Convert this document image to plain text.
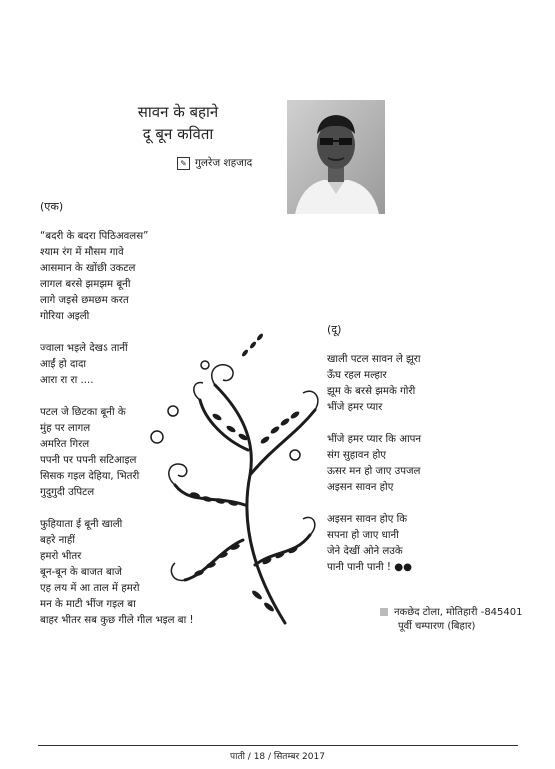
सावन के बहाने
दू बून कविता
✎ गुलरेज शहजाद
(एक)
“बदरी के बदरा पिठिअवलस”
श्याम रंग में मौसम गावे
आसमान के खोंछी उकटल
लागल बरसे झमझम बूनी
लागे जइसे छमछम करत
गोरिया अइली
ज्वाला भइले देखऽ तानीं
आईं हो दादा
आरा रा रा ....
पटल जे छिटका बूनी के
मुंह पर लागल
अमरित गिरल
पपनी पर पपनी सटिआइल
सिसक गइल देहिया, भितरी
गुदुगुदी उपिटल
फुहियाता ई बूनी खाली
बहरे नाहीं
हमरो भीतर
बून-बून के बाजत बाजे
एह लय में आ ताल में हमरो
मन के माटी भींज गइल बा
बाहर भीतर सब कुछ गीले गील भइल बा !
(दू)
खाली पटल सावन ले झूरा
ऊँघ रहल मल्हार
झूम के बरसे झमके गोरी
भींजे हमर प्यार
भींजे हमर प्यार कि आपन
संग सुहावन होए
ऊसर मन हो जाए उपजल
अइसन सावन होए
अइसन सावन होए कि
सपना हो जाए धानी
जेने देखीं ओने लउके
पानी पानी पानी ! ●●
नकछेद टोला, मोतिहारी -845401
पूर्वी चम्पारण (बिहार)
पाती / 18 / सितम्बर 2017
